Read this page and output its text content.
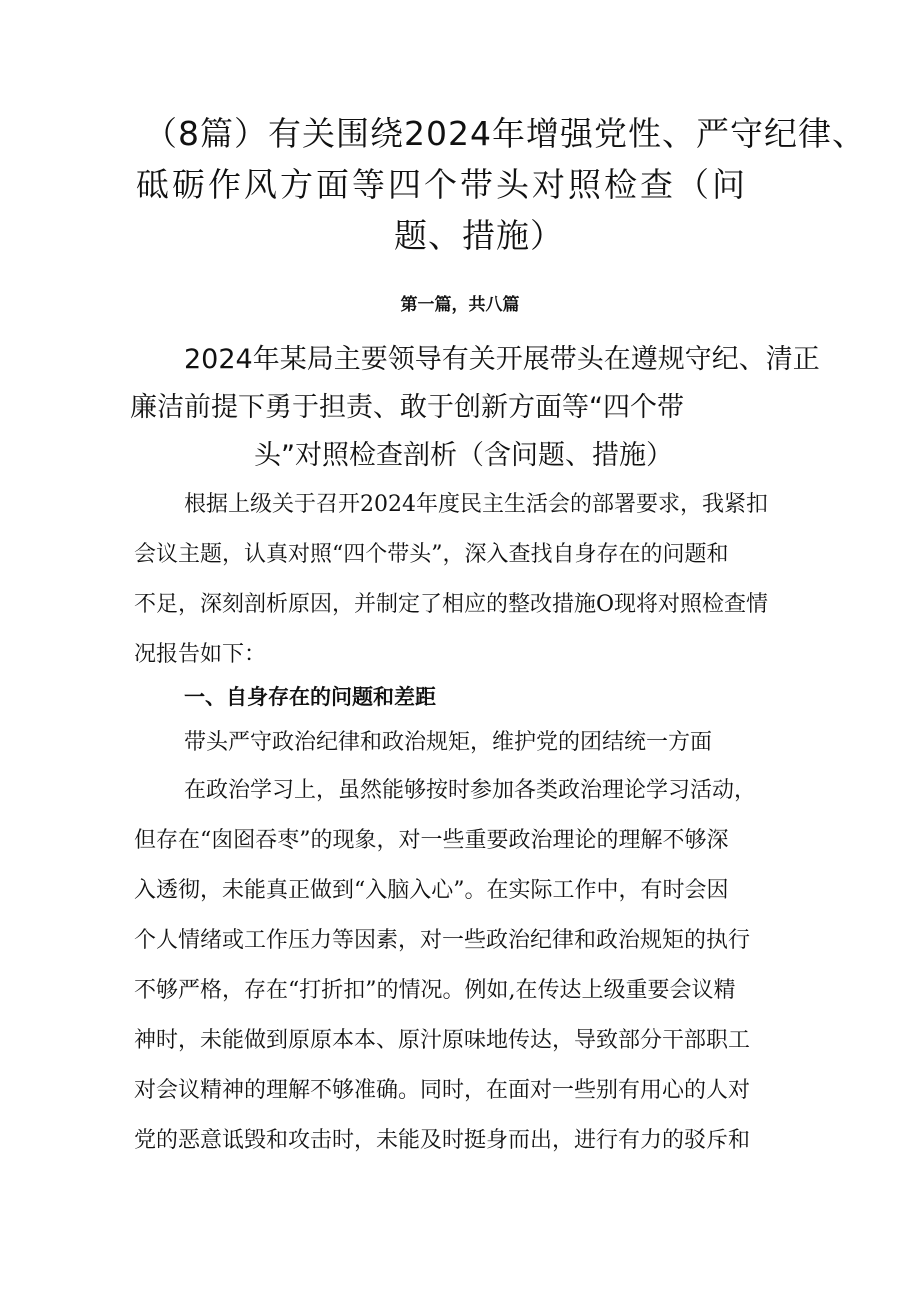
（8篇）有关围绕2024年增强党性、严守纪律、
砥砺作风方面等四个带头对照检查（问
题、措施）
第一篇，共八篇
2024年某局主要领导有关开展带头在遵规守纪、清正
廉洁前提下勇于担责、敢于创新方面等“四个带
头”对照检查剖析（含问题、措施）
根据上级关于召开2024年度民主生活会的部署要求，我紧扣
会议主题，认真对照“四个带头”，深入查找自身存在的问题和
不足，深刻剖析原因，并制定了相应的整改措施O现将对照检查情
况报告如下：
一、自身存在的问题和差距
带头严守政治纪律和政治规矩，维护党的团结统一方面
在政治学习上，虽然能够按时参加各类政治理论学习活动，
但存在“囱囵吞枣”的现象，对一些重要政治理论的理解不够深
入透彻，未能真正做到“入脑入心”。在实际工作中，有时会因
个人情绪或工作压力等因素，对一些政治纪律和政治规矩的执行
不够严格，存在“打折扣”的情况。例如,在传达上级重要会议精
神时，未能做到原原本本、原汁原味地传达，导致部分干部职工
对会议精神的理解不够准确。同时，在面对一些别有用心的人对
党的恶意诋毁和攻击时，未能及时挺身而出，进行有力的驳斥和
